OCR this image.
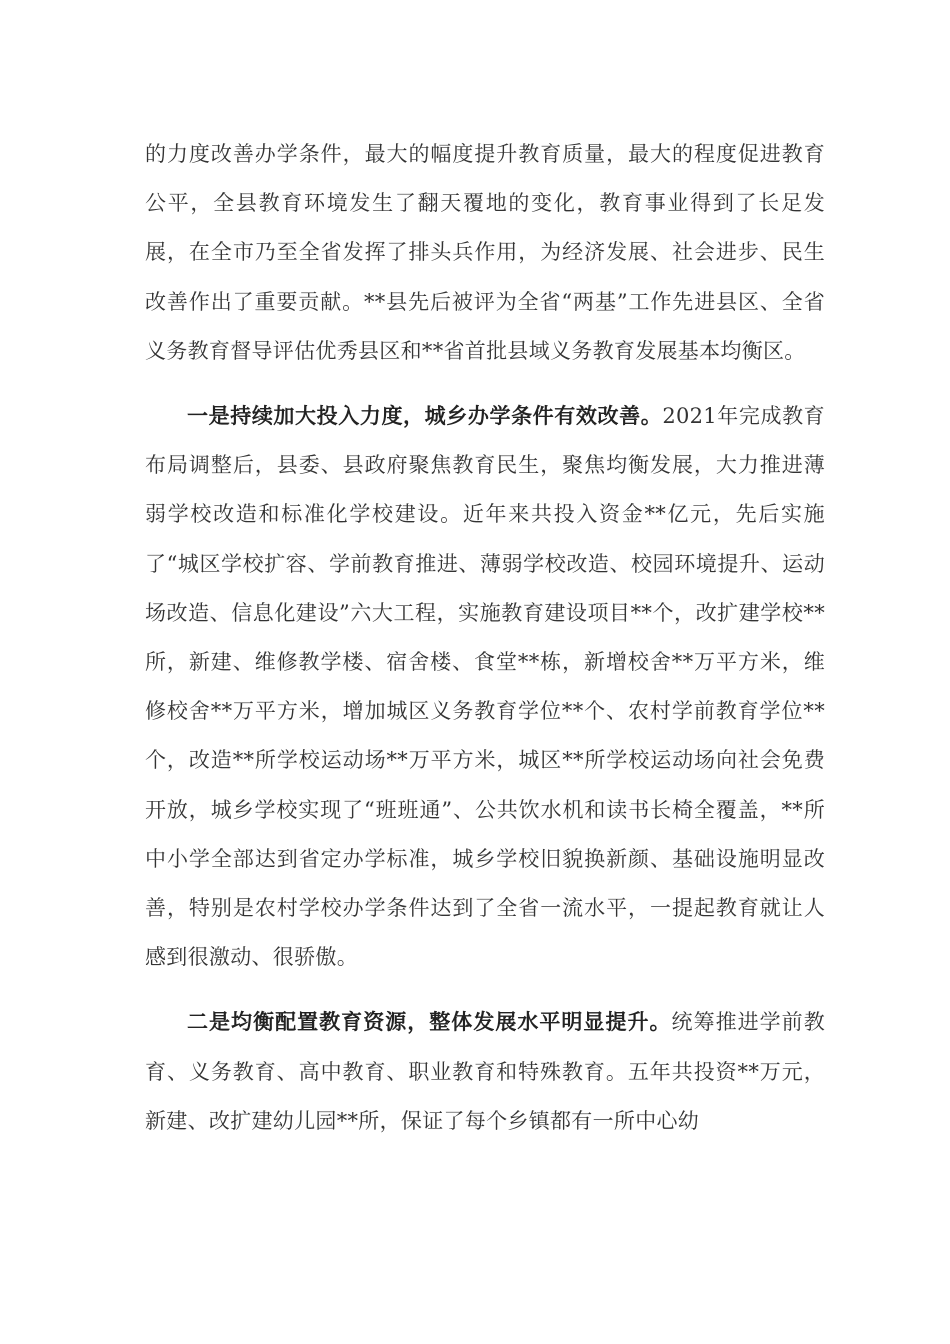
的力度改善办学条件，最大的幅度提升教育质量，最大的程度促进教育公平，全县教育环境发生了翻天覆地的变化，教育事业得到了长足发展，在全市乃至全省发挥了排头兵作用，为经济发展、社会进步、民生改善作出了重要贡献。**县先后被评为全省“两基”工作先进县区、全省义务教育督导评估优秀县区和**省首批县域义务教育发展基本均衡区。

一是持续加大投入力度，城乡办学条件有效改善。2021年完成教育布局调整后，县委、县政府聚焦教育民生，聚焦均衡发展，大力推进薄弱学校改造和标准化学校建设。近年来共投入资金**亿元，先后实施了“城区学校扩容、学前教育推进、薄弱学校改造、校园环境提升、运动场改造、信息化建设”六大工程，实施教育建设项目**个，改扩建学校**所，新建、维修教学楼、宿舍楼、食堂**栋，新增校舍**万平方米，维修校舍**万平方米，增加城区义务教育学位**个、农村学前教育学位**个，改造**所学校运动场**万平方米，城区**所学校运动场向社会免费开放，城乡学校实现了“班班通”、公共饮水机和读书长椅全覆盖，**所中小学全部达到省定办学标准，城乡学校旧貌换新颜、基础设施明显改善，特别是农村学校办学条件达到了全省一流水平，一提起教育就让人感到很激动、很骄傲。

二是均衡配置教育资源，整体发展水平明显提升。统筹推进学前教育、义务教育、高中教育、职业教育和特殊教育。五年共投资**万元，新建、改扩建幼儿园**所，保证了每个乡镇都有一所中心幼
